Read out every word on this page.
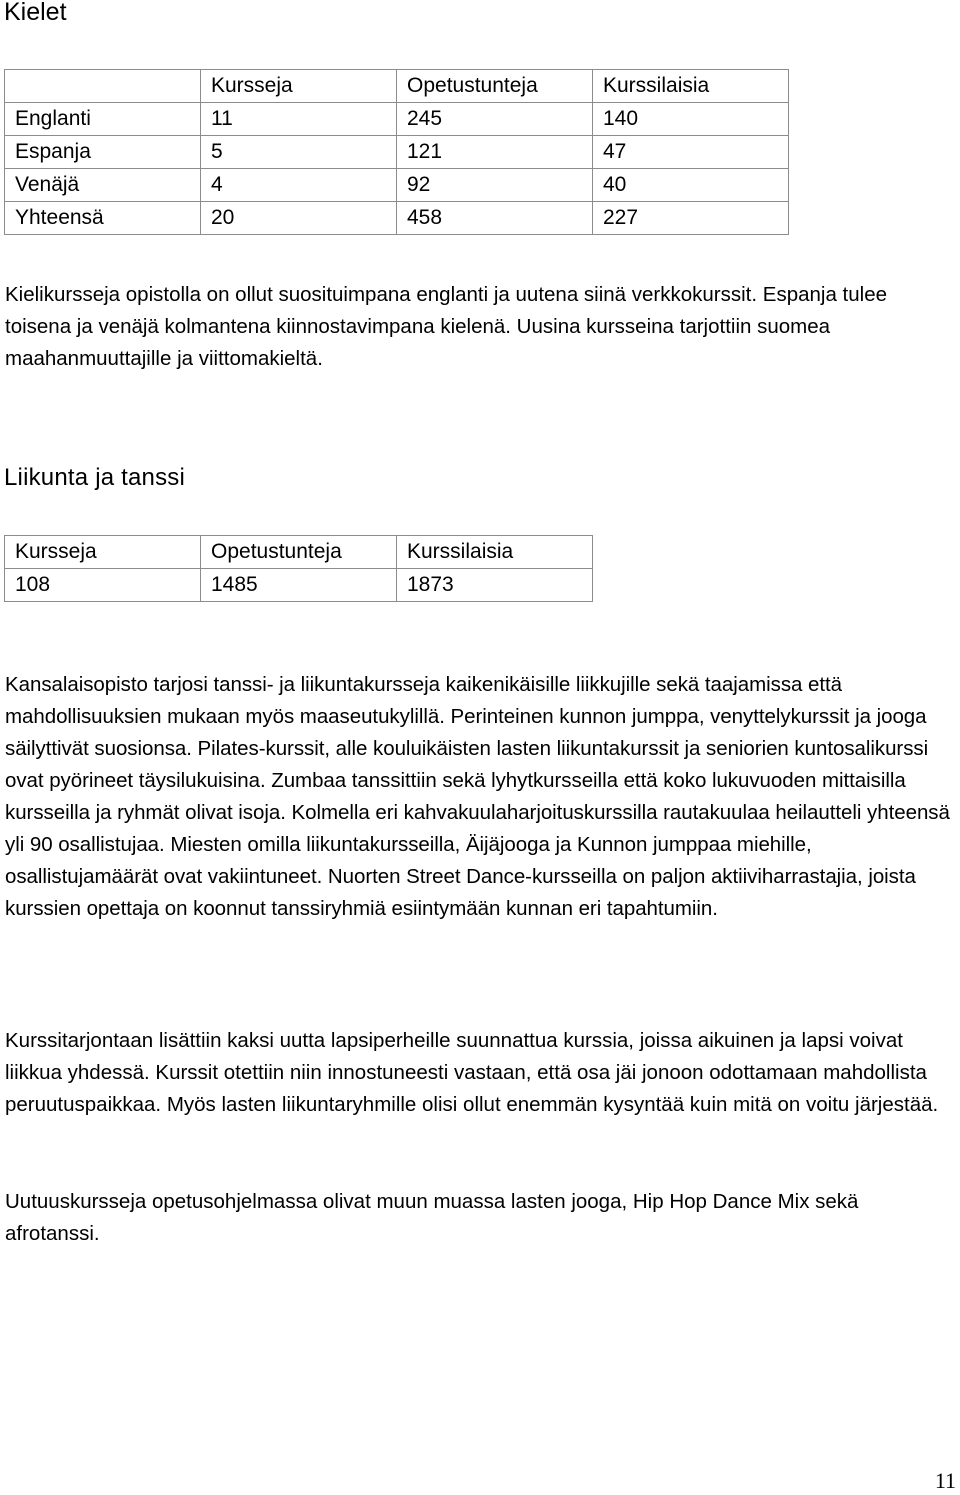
Kielet
	Kursseja	Opetustunteja	Kurssilaisia
Englanti	11	245	140
Espanja	5	121	47
Venäjä	4	92	40
Yhteensä	20	458	227

Kielikursseja opistolla on ollut suosituimpana englanti ja uutena siinä verkkokurssit. Espanja tulee toisena ja venäjä kolmantena kiinnostavimpana kielenä. Uusina kursseina tarjottiin suomea maahanmuuttajille ja viittomakieltä.

Liikunta ja tanssi
Kursseja	Opetustunteja	Kurssilaisia
108	1485	1873

Kansalaisopisto tarjosi tanssi- ja liikuntakursseja kaikenikäisille liikkujille sekä taajamissa että mahdollisuuksien mukaan myös maaseutukylillä. Perinteinen kunnon jumppa, venyttelykurssit ja jooga säilyttivät suosionsa. Pilates-kurssit, alle kouluikäisten lasten liikuntakurssit ja seniorien kuntosalikurssi ovat pyörineet täysilukuisina. Zumbaa tanssittiin sekä lyhytkursseilla että koko lukuvuoden mittaisilla kursseilla ja ryhmät olivat isoja. Kolmella eri kahvakuulaharjoituskurssilla rautakuulaa heilautteli yhteensä yli 90 osallistujaa. Miesten omilla liikuntakursseilla, Äijäjooga ja Kunnon jumppaa miehille, osallistujamäärät ovat vakiintuneet. Nuorten Street Dance-kursseilla on paljon aktiiviharrastajia, joista kurssien opettaja on koonnut tanssiryhmiä esiintymään kunnan eri tapahtumiin.

Kurssitarjontaan lisättiin kaksi uutta lapsiperheille suunnattua kurssia, joissa aikuinen ja lapsi voivat liikkua yhdessä. Kurssit otettiin niin innostuneesti vastaan, että osa jäi jonoon odottamaan mahdollista peruutuspaikkaa. Myös lasten liikuntaryhmille olisi ollut enemmän kysyntää kuin mitä on voitu järjestää.

Uutuuskursseja opetusohjelmassa olivat muun muassa lasten jooga, Hip Hop Dance Mix sekä afrotanssi.

11
